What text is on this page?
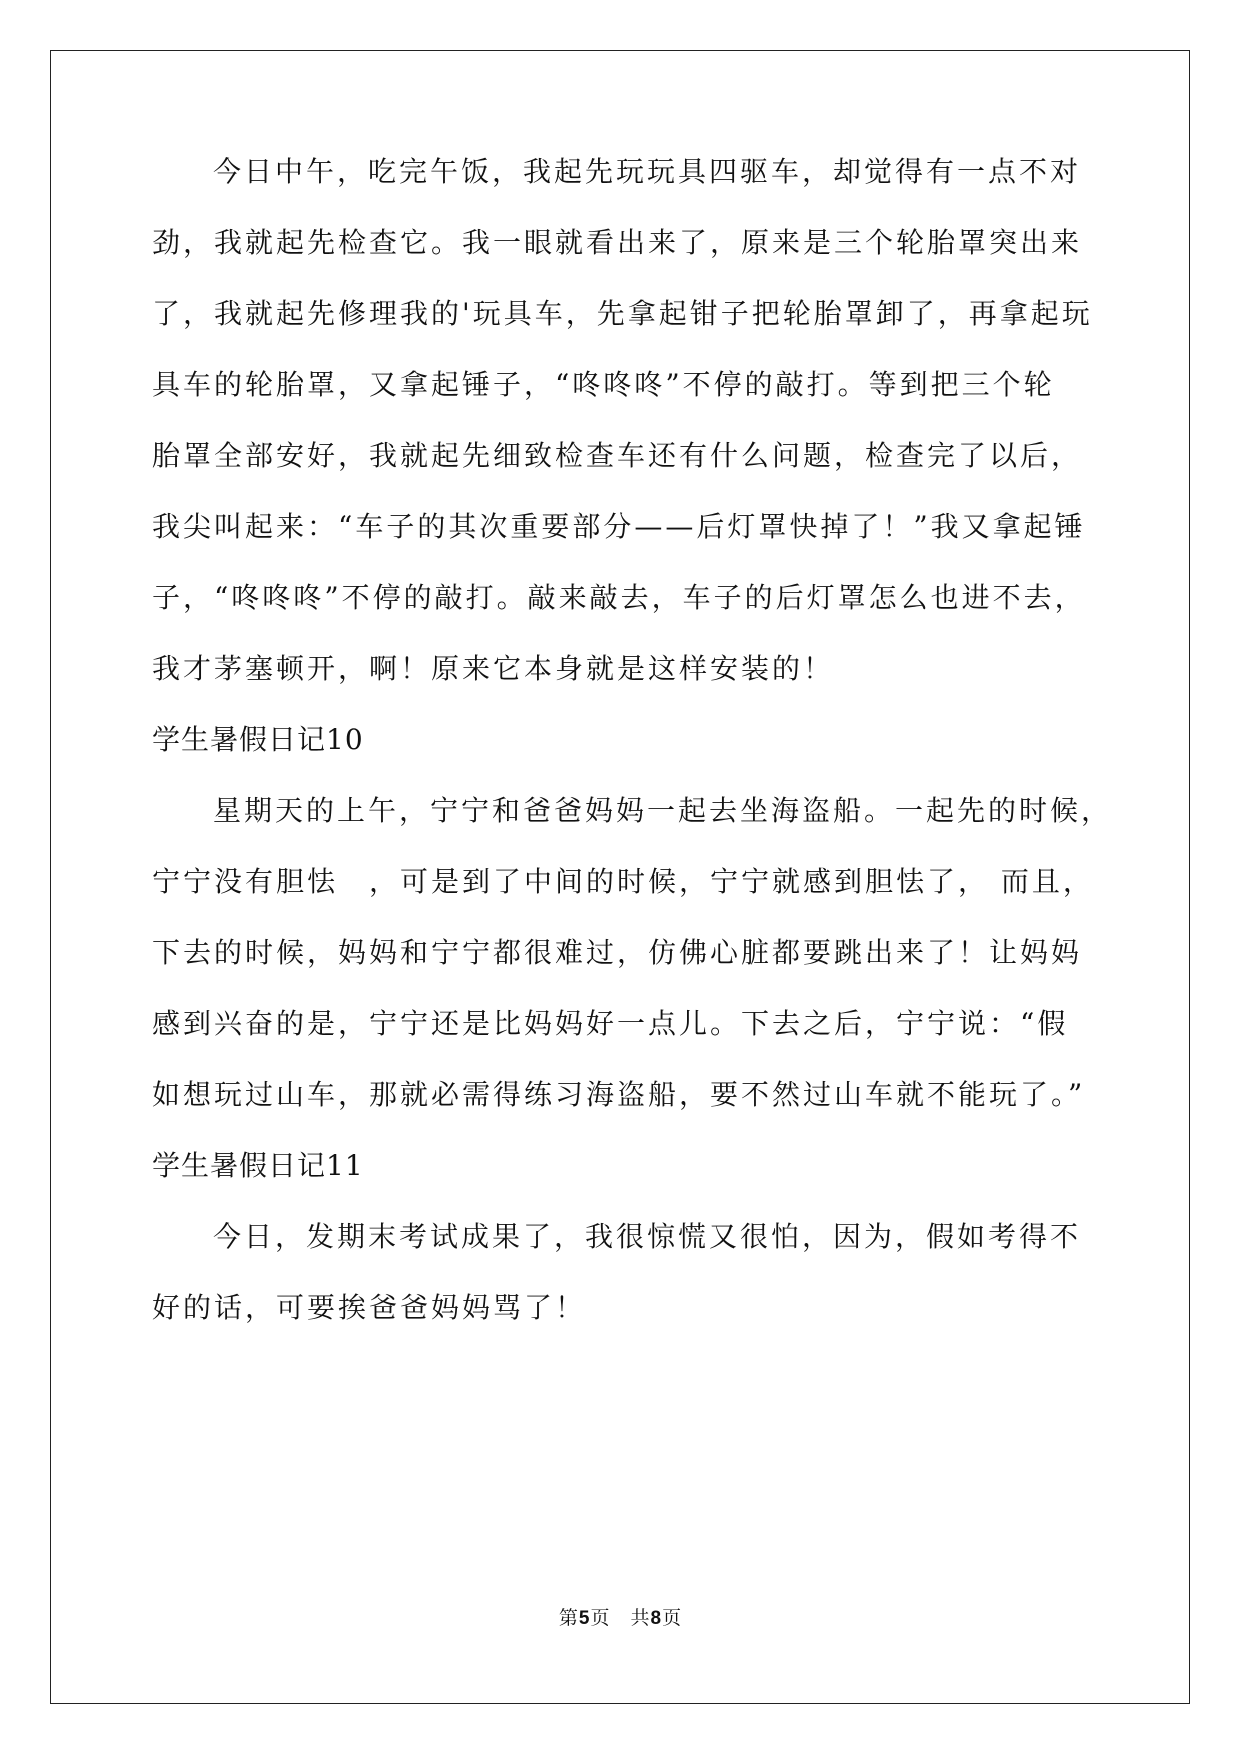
今日中午，吃完午饭，我起先玩玩具四驱车，却觉得有一点不对
劲，我就起先检查它。我一眼就看出来了，原来是三个轮胎罩突出来
了，我就起先修理我的'玩具车，先拿起钳子把轮胎罩卸了，再拿起玩
具车的轮胎罩，又拿起锤子，“咚咚咚”不停的敲打。等到把三个轮
胎罩全部安好，我就起先细致检查车还有什么问题，检查完了以后，
我尖叫起来：“车子的其次重要部分——后灯罩快掉了！”我又拿起锤
子，“咚咚咚”不停的敲打。敲来敲去，车子的后灯罩怎么也进不去，
我才茅塞顿开，啊！原来它本身就是这样安装的！
学生暑假日记10
星期天的上午，宁宁和爸爸妈妈一起去坐海盗船。一起先的时候，
宁宁没有胆怯　，可是到了中间的时候，宁宁就感到胆怯了， 而且，
下去的时候，妈妈和宁宁都很难过，仿佛心脏都要跳出来了！让妈妈
感到兴奋的是，宁宁还是比妈妈好一点儿。下去之后，宁宁说：“假
如想玩过山车，那就必需得练习海盗船，要不然过山车就不能玩了。”
学生暑假日记11
今日，发期末考试成果了，我很惊慌又很怕，因为，假如考得不
好的话，可要挨爸爸妈妈骂了！
第5页 共8页
